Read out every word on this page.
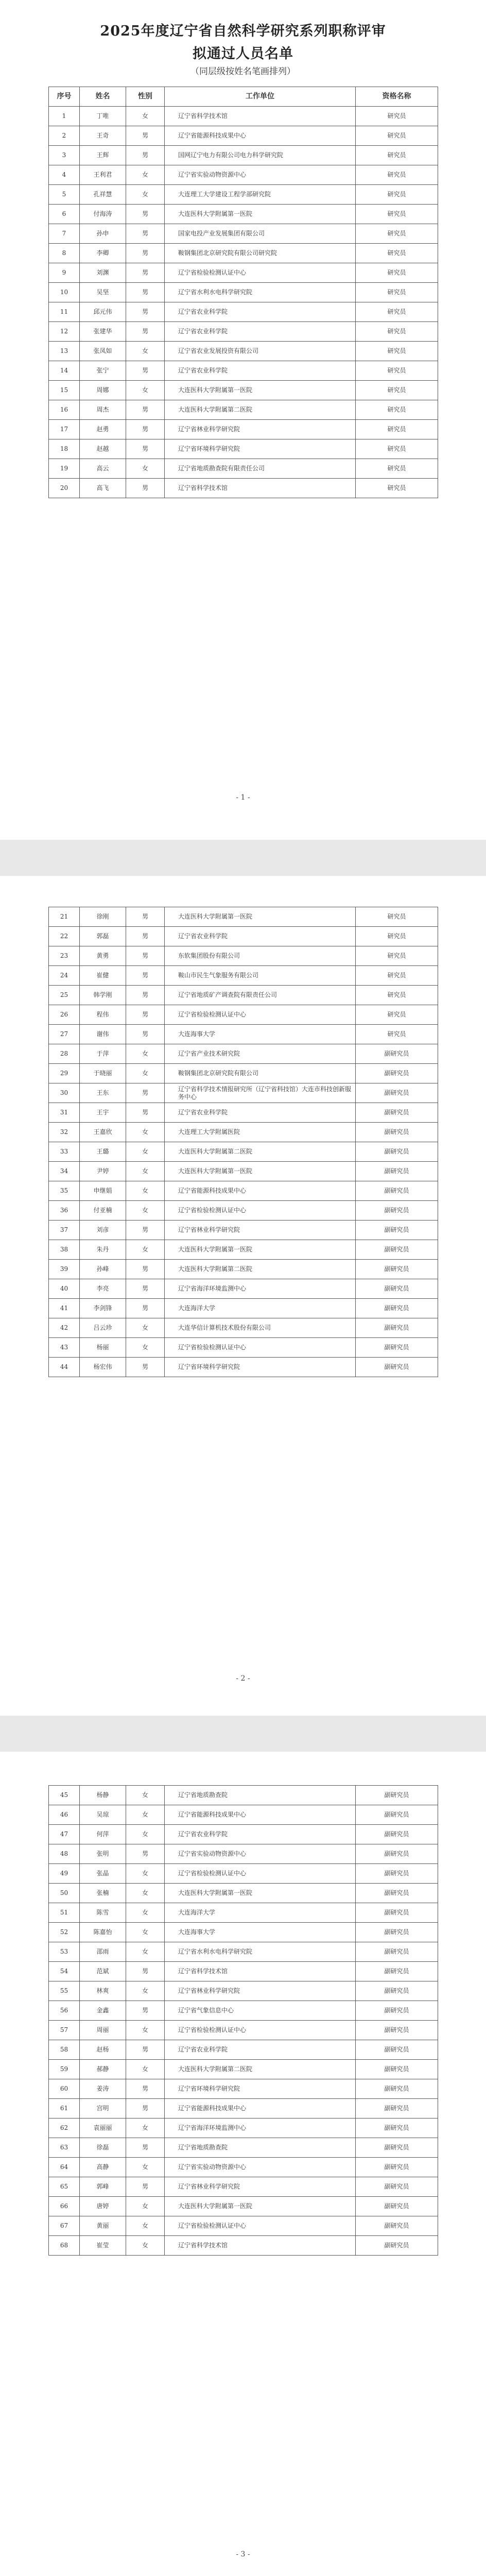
2025年度辽宁省自然科学研究系列职称评审
拟通过人员名单
（同层级按姓名笔画排列）
序号	姓名	性别	工作单位	资格名称
1	丁唯	女	辽宁省科学技术馆	研究员
2	王奇	男	辽宁省能源科技成果中心	研究员
3	王辉	男	国网辽宁电力有限公司电力科学研究院	研究员
4	王利君	女	辽宁省实验动物资源中心	研究员
5	孔祥慧	女	大连理工大学建设工程学部研究院	研究员
6	付海涛	男	大连医科大学附属第一医院	研究员
7	孙申	男	国家电投产业发展集团有限公司	研究员
8	李卿	男	鞍钢集团北京研究院有限公司研究院	研究员
9	刘渊	男	辽宁省检验检测认证中心	研究员
10	吴坚	男	辽宁省水利水电科学研究院	研究员
11	邱元伟	男	辽宁省农业科学院	研究员
12	张建华	男	辽宁省农业科学院	研究员
13	张凤如	女	辽宁省农业发展投资有限公司	研究员
14	张宁	男	辽宁省农业科学院	研究员
15	周娜	女	大连医科大学附属第一医院	研究员
16	周杰	男	大连医科大学附属第二医院	研究员
17	赵勇	男	辽宁省林业科学研究院	研究员
18	赵越	男	辽宁省环境科学研究院	研究员
19	高云	女	辽宁省地质勘查院有限责任公司	研究员
20	高飞	男	辽宁省科学技术馆	研究员
- 1 -
21	徐刚	男	大连医科大学附属第一医院	研究员
22	郭磊	男	辽宁省农业科学院	研究员
23	黄勇	男	东软集团股份有限公司	研究员
24	崔健	男	鞍山市民生气象服务有限公司	研究员
25	韩学刚	男	辽宁省地质矿产调查院有限责任公司	研究员
26	程伟	男	辽宁省检验检测认证中心	研究员
27	谢伟	男	大连海事大学	研究员
28	于萍	女	辽宁省产业技术研究院	副研究员
29	于晓丽	女	鞍钢集团北京研究院有限公司	副研究员
30	王东	男	辽宁省科学技术情报研究所（辽宁省科技馆）大连市科技创新服务中心	副研究员
31	王宇	男	辽宁省农业科学院	副研究员
32	王嘉欣	女	大连理工大学附属医院	副研究员
33	王璐	女	大连医科大学附属第二医院	副研究员
34	尹婷	女	大连医科大学附属第一医院	副研究员
35	申继娟	女	辽宁省能源科技成果中心	副研究员
36	付亚楠	女	辽宁省检验检测认证中心	副研究员
37	刘彦	男	辽宁省林业科学研究院	副研究员
38	朱丹	女	大连医科大学附属第一医院	副研究员
39	孙峰	男	大连医科大学附属第二医院	副研究员
40	李亮	男	辽宁省海洋环境监测中心	副研究员
41	李剑锋	男	大连海洋大学	副研究员
42	吕云珍	女	大连华信计算机技术股份有限公司	副研究员
43	杨丽	女	辽宁省检验检测认证中心	副研究员
44	杨宏伟	男	辽宁省环境科学研究院	副研究员
- 2 -
45	杨静	女	辽宁省地质勘查院	副研究员
46	吴琼	女	辽宁省能源科技成果中心	副研究员
47	何萍	女	辽宁省农业科学院	副研究员
48	张明	男	辽宁省实验动物资源中心	副研究员
49	张晶	女	辽宁省检验检测认证中心	副研究员
50	张楠	女	大连医科大学附属第一医院	副研究员
51	陈雪	女	大连海洋大学	副研究员
52	陈嘉怡	女	大连海事大学	副研究员
53	邵雨	女	辽宁省水利水电科学研究院	副研究员
54	范斌	男	辽宁省科学技术馆	副研究员
55	林爽	女	辽宁省林业科学研究院	副研究员
56	金鑫	男	辽宁省气象信息中心	副研究员
57	周丽	女	辽宁省检验检测认证中心	副研究员
58	赵杨	男	辽宁省农业科学院	副研究员
59	郝静	女	大连医科大学附属第二医院	副研究员
60	姜涛	男	辽宁省环境科学研究院	副研究员
61	宫明	男	辽宁省能源科技成果中心	副研究员
62	袁丽丽	女	辽宁省海洋环境监测中心	副研究员
63	徐磊	男	辽宁省地质勘查院	副研究员
64	高静	女	辽宁省实验动物资源中心	副研究员
65	郭峰	男	辽宁省林业科学研究院	副研究员
66	唐婷	女	大连医科大学附属第一医院	副研究员
67	黄丽	女	辽宁省检验检测认证中心	副研究员
68	崔莹	女	辽宁省科学技术馆	副研究员
- 3 -
